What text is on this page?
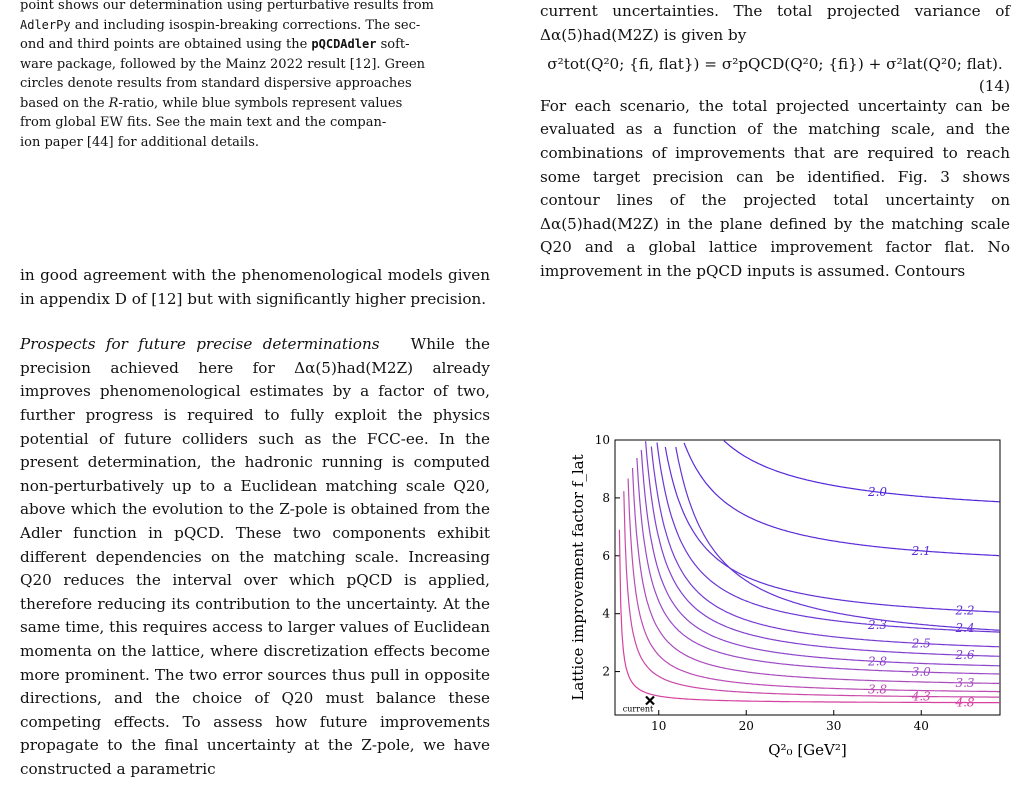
point shows our determination using perturbative results from
AdlerPy and including isospin-breaking corrections. The sec-
ond and third points are obtained using the pQCDAdler soft-
ware package, followed by the Mainz 2022 result [12]. Green
circles denote results from standard dispersive approaches
based on the R-ratio, while blue symbols represent values
from global EW fits. See the main text and the compan-
ion paper [44] for additional details.

in good agreement with the phenomenological models given in appendix D of [12] but with significantly higher precision.

Prospects for future precise determinations While the precision achieved here for Δα(5)had(M2Z) already improves phenomenological estimates by a factor of two, further progress is required to fully exploit the physics potential of future colliders such as the FCC-ee. In the present determination, the hadronic running is computed non-perturbatively up to a Euclidean matching scale Q20, above which the evolution to the Z-pole is obtained from the Adler function in pQCD. These two components exhibit different dependencies on the matching scale. Increasing Q20 reduces the interval over which pQCD is applied, therefore reducing its contribution to the uncertainty. At the same time, this requires access to larger values of Euclidean momenta on the lattice, where discretization effects become more prominent. The two error sources thus pull in opposite directions, and the choice of Q20 must balance these competing effects. To assess how future improvements propagate to the final uncertainty at the Z-pole, we have constructed a parametric

current uncertainties. The total projected variance of Δα(5)had(M2Z) is given by

σ²tot(Q²0; {fi, flat}) = σ²pQCD(Q²0; {fi}) + σ²lat(Q²0; flat).
(14)

For each scenario, the total projected uncertainty can be evaluated as a function of the matching scale, and the combinations of improvements that are required to reach some target precision can be identified. Fig. 3 shows contour lines of the projected total uncertainty on Δα(5)had(M2Z) in the plane defined by the matching scale Q20 and a global lattice improvement factor flat. No improvement in the pQCD inputs is assumed. Contours

10	20	30	40
2
4
6
8
10
Q²₀ [GeV²]
Lattice improvement factor f_lat
4.8
4.3
3.8	3.3
3.0
2.8	2.6
2.5
2.3
2.2
2.1
2.0
2.4
current
